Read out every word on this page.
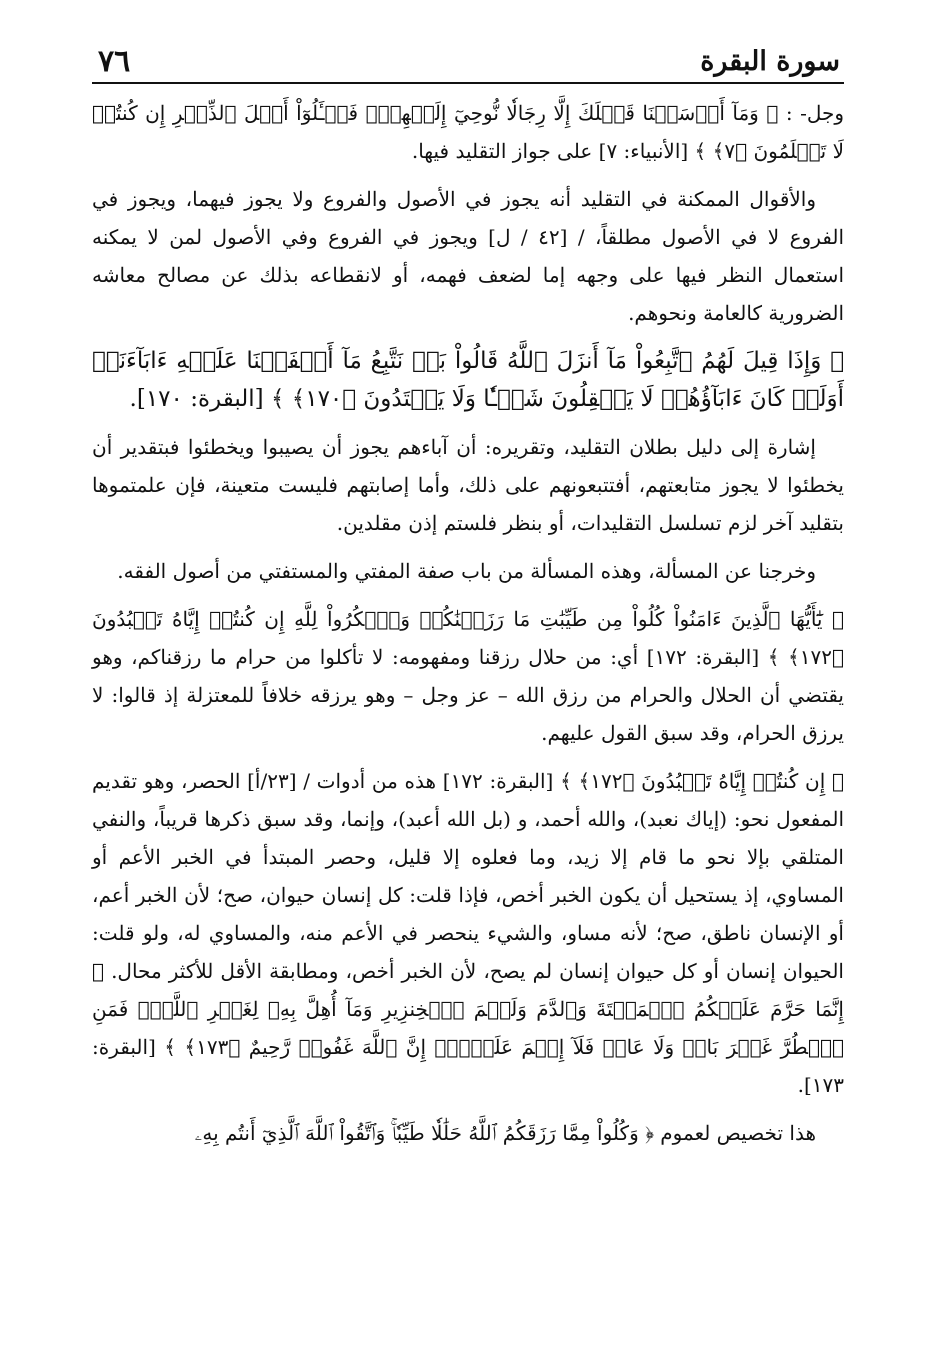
سورة البقرة
٧٦

وجل- : ﴿ وَمَآ أَرۡسَلۡنَا قَبۡلَكَ إِلَّا رِجَالٗا نُّوحِيٓ إِلَيۡهِمۡۖ فَسۡـَٔلُوٓاْ أَهۡلَ ٱلذِّكۡرِ إِن كُنتُمۡ لَا تَعۡلَمُونَ ﴿٧﴾ ﴾ [الأنبياء: ٧] على جواز التقليد فيها.

والأقوال الممكنة في التقليد أنه يجوز في الأصول والفروع ولا يجوز فيهما، ويجوز في الفروع لا في الأصول مطلقاً، / [٤٢ / ل] ويجوز في الفروع وفي الأصول لمن لا يمكنه استعمال النظر فيها على وجهه إما لضعف فهمه، أو لانقطاعه بذلك عن مصالح معاشه الضرورية كالعامة ونحوهم.

﴿ وَإِذَا قِيلَ لَهُمُ ٱتَّبِعُواْ مَآ أَنزَلَ ٱللَّهُ قَالُواْ بَلۡ نَتَّبِعُ مَآ أَلۡفَيۡنَا عَلَيۡهِ ءَابَآءَنَآۚ أَوَلَوۡ كَانَ ءَابَآؤُهُمۡ لَا يَعۡقِلُونَ شَيۡـٔٗا وَلَا يَهۡتَدُونَ ﴿١٧٠﴾ ﴾ [البقرة: ١٧٠].

إشارة إلى دليل بطلان التقليد، وتقريره: أن آباءهم يجوز أن يصيبوا ويخطئوا فبتقدير أن يخطئوا لا يجوز متابعتهم، أفتتبعونهم على ذلك، وأما إصابتهم فليست متعينة، فإن علمتموها بتقليد آخر لزم تسلسل التقليدات، أو بنظر فلستم إذن مقلدين.

وخرجنا عن المسألة، وهذه المسألة من باب صفة المفتي والمستفتي من أصول الفقه.

﴿ يَٰٓأَيُّهَا ٱلَّذِينَ ءَامَنُواْ كُلُواْ مِن طَيِّبَٰتِ مَا رَزَقۡنَٰكُمۡ وَٱشۡكُرُواْ لِلَّهِ إِن كُنتُمۡ إِيَّاهُ تَعۡبُدُونَ ﴿١٧٢﴾ ﴾ [البقرة: ١٧٢] أي: من حلال رزقنا ومفهومه: لا تأكلوا من حرام ما رزقناكم، وهو يقتضي أن الحلال والحرام من رزق الله – عز وجل – وهو يرزقه خلافاً للمعتزلة إذ قالوا: لا يرزق الحرام، وقد سبق القول عليهم.

﴿ إِن كُنتُمۡ إِيَّاهُ تَعۡبُدُونَ ﴿١٧٢﴾ ﴾ [البقرة: ١٧٢] هذه من أدوات / [٢٣/أ] الحصر، وهو تقديم المفعول نحو: (إياك نعبد)، والله أحمد، و (بل الله أعبد)، وإنما، وقد سبق ذكرها قريباً، والنفي المتلقي بإلا نحو ما قام إلا زيد، وما فعلوه إلا قليل، وحصر المبتدأ في الخبر الأعم أو المساوي، إذ يستحيل أن يكون الخبر أخص، فإذا قلت: كل إنسان حيوان، صح؛ لأن الخبر أعم، أو الإنسان ناطق، صح؛ لأنه مساو، والشيء ينحصر في الأعم منه، والمساوي له، ولو قلت: الحيوان إنسان أو كل حيوان إنسان لم يصح، لأن الخبر أخص، ومطابقة الأقل للأكثر محال. ﴿ إِنَّمَا حَرَّمَ عَلَيۡكُمُ ٱلۡمَيۡتَةَ وَٱلدَّمَ وَلَحۡمَ ٱلۡخِنزِيرِ وَمَآ أُهِلَّ بِهِۦ لِغَيۡرِ ٱللَّهِۖ فَمَنِ ٱضۡطُرَّ غَيۡرَ بَاغٖ وَلَا عَادٖ فَلَآ إِثۡمَ عَلَيۡهِۚ إِنَّ ٱللَّهَ غَفُورٞ رَّحِيمٌ ﴿١٧٣﴾ ﴾ [البقرة: ١٧٣].

هذا تخصيص لعموم ﴿ وَكُلُواْ مِمَّا رَزَقَكُمُ ٱللَّهُ حَلَٰلٗا طَيِّبٗاۚ وَٱتَّقُواْ ٱللَّهَ ٱلَّذِيٓ أَنتُم بِهِۦ
